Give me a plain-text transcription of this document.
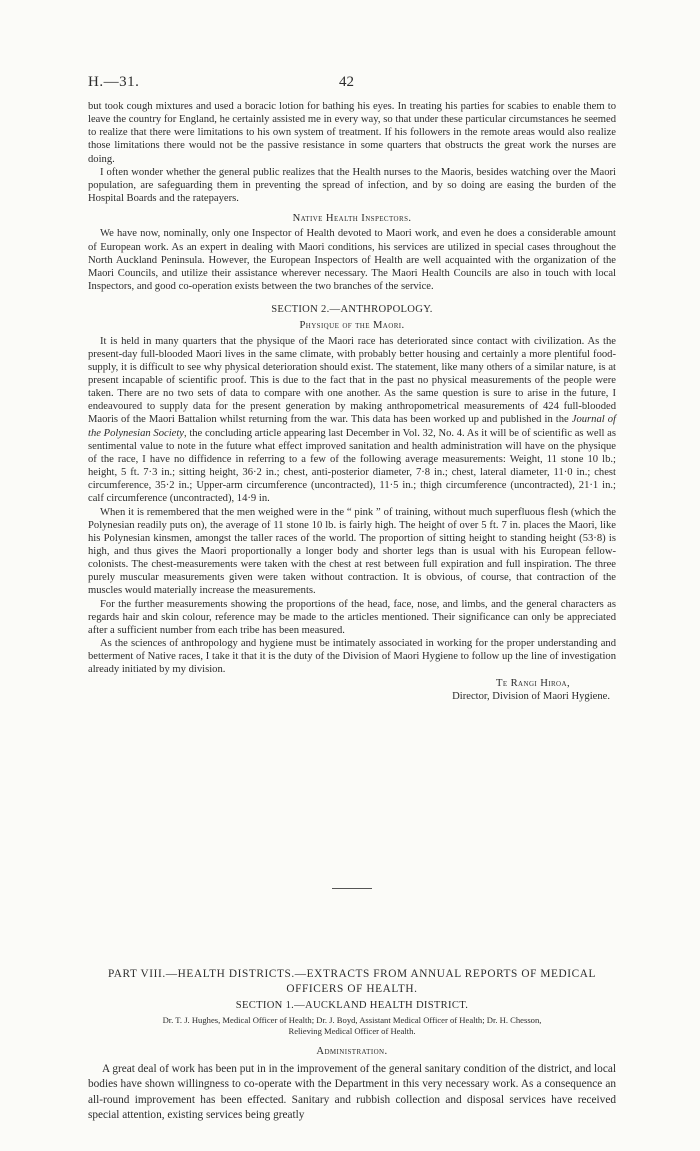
H.—31.	42

but took cough mixtures and used a boracic lotion for bathing his eyes. In treating his parties for scabies to enable them to leave the country for England, he certainly assisted me in every way, so that under these particular circumstances he seemed to realize that there were limitations to his own system of treatment. If his followers in the remote areas would also realize those limitations there would not be the passive resistance in some quarters that obstructs the great work the nurses are doing.

I often wonder whether the general public realizes that the Health nurses to the Maoris, besides watching over the Maori population, are safeguarding them in preventing the spread of infection, and by so doing are easing the burden of the Hospital Boards and the ratepayers.

Native Health Inspectors.

We have now, nominally, only one Inspector of Health devoted to Maori work, and even he does a considerable amount of European work. As an expert in dealing with Maori conditions, his services are utilized in special cases throughout the North Auckland Peninsula. However, the European Inspectors of Health are well acquainted with the organization of the Maori Councils, and utilize their assistance wherever necessary. The Maori Health Councils are also in touch with local Inspectors, and good co-operation exists between the two branches of the service.

SECTION 2.—ANTHROPOLOGY.
Physique of the Maori.

It is held in many quarters that the physique of the Maori race has deteriorated since contact with civilization. As the present-day full-blooded Maori lives in the same climate, with probably better housing and certainly a more plentiful food-supply, it is difficult to see why physical deterioration should exist. The statement, like many others of a similar nature, is at present incapable of scientific proof. This is due to the fact that in the past no physical measurements of the people were taken. There are no two sets of data to compare with one another. As the same question is sure to arise in the future, I endeavoured to supply data for the present generation by making anthropometrical measurements of 424 full-blooded Maoris of the Maori Battalion whilst returning from the war. This data has been worked up and published in the Journal of the Polynesian Society, the concluding article appearing last December in Vol. 32, No. 4. As it will be of scientific as well as sentimental value to note in the future what effect improved sanitation and health administration will have on the physique of the race, I have no diffidence in referring to a few of the following average measurements: Weight, 11 stone 10 lb.; height, 5 ft. 7·3 in.; sitting height, 36·2 in.; chest, anti-posterior diameter, 7·8 in.; chest, lateral diameter, 11·0 in.; chest circumference, 35·2 in.; Upper-arm circumference (uncontracted), 11·5 in.; thigh circumference (uncontracted), 21·1 in.; calf circumference (uncontracted), 14·9 in.

When it is remembered that the men weighed were in the “ pink ” of training, without much superfluous flesh (which the Polynesian readily puts on), the average of 11 stone 10 lb. is fairly high. The height of over 5 ft. 7 in. places the Maori, like his Polynesian kinsmen, amongst the taller races of the world. The proportion of sitting height to standing height (53·8) is high, and thus gives the Maori proportionally a longer body and shorter legs than is usual with his European fellow-colonists. The chest-measurements were taken with the chest at rest between full expiration and full inspiration. The three purely muscular measurements given were taken without contraction. It is obvious, of course, that contraction of the muscles would materially increase the measurements.

For the further measurements showing the proportions of the head, face, nose, and limbs, and the general characters as regards hair and skin colour, reference may be made to the articles mentioned. Their significance can only be appreciated after a sufficient number from each tribe has been measured.

As the sciences of anthropology and hygiene must be intimately associated in working for the proper understanding and betterment of Native races, I take it that it is the duty of the Division of Maori Hygiene to follow up the line of investigation already initiated by my division.

Te Rangi Hiroa,
Director, Division of Maori Hygiene.
PART VIII.—HEALTH DISTRICTS.—EXTRACTS FROM ANNUAL REPORTS OF MEDICAL
OFFICERS OF HEALTH.
SECTION 1.—AUCKLAND HEALTH DISTRICT.
Dr. T. J. Hughes, Medical Officer of Health; Dr. J. Boyd, Assistant Medical Officer of Health; Dr. H. Chesson,
Relieving Medical Officer of Health.
Administration.

A great deal of work has been put in in the improvement of the general sanitary condition of the district, and local bodies have shown willingness to co-operate with the Department in this very necessary work. As a consequence an all-round improvement has been effected. Sanitary and rubbish collection and disposal services have received special attention, existing services being greatly
